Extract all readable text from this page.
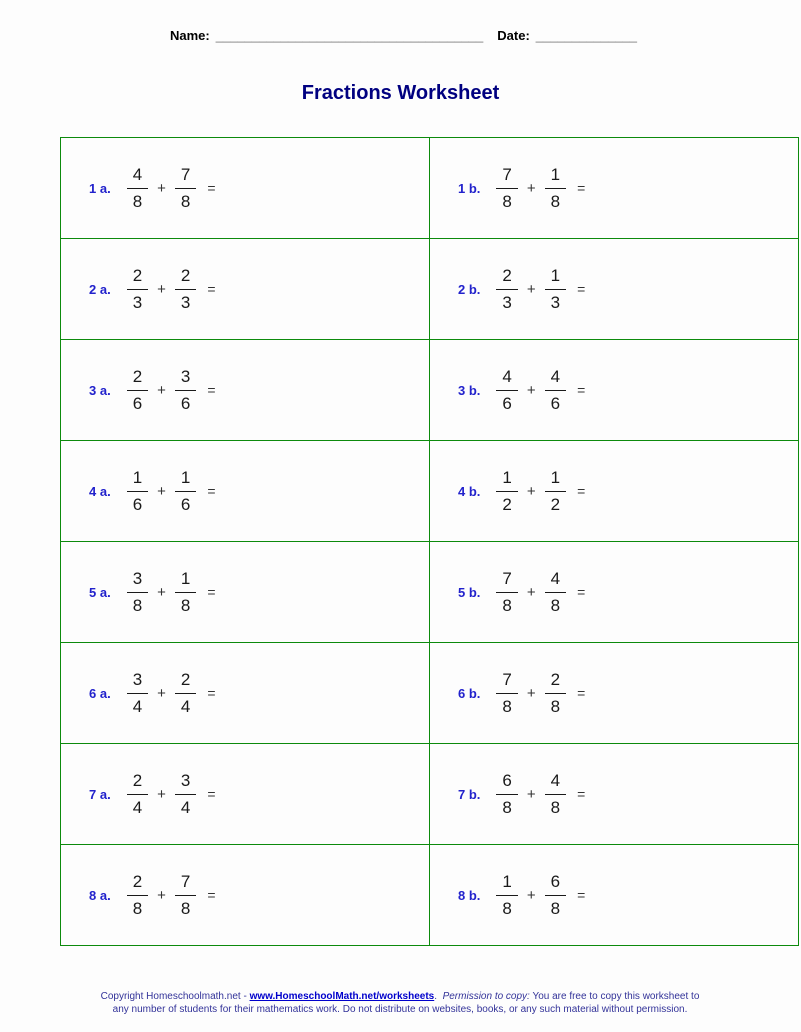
Name: _____________________________________ Date: ______________
Fractions Worksheet
1 a. $\frac{4}{8} + \frac{7}{8}$ =	1 b. $\frac{7}{8} + \frac{1}{8}$ =

2 a. $\frac{2}{3} + \frac{2}{3}$ =	2 b. $\frac{2}{3} + \frac{1}{3}$ =

3 a. $\frac{2}{6} + \frac{3}{6}$ =	3 b. $\frac{4}{6} + \frac{4}{6}$ =

4 a. $\frac{1}{6} + \frac{1}{6}$ =	4 b. $\frac{1}{2} + \frac{1}{2}$ =

5 a. $\frac{3}{8} + \frac{1}{8}$ =	5 b. $\frac{7}{8} + \frac{4}{8}$ =

6 a. $\frac{3}{4} + \frac{2}{4}$ =	6 b. $\frac{7}{8} + \frac{2}{8}$ =

7 a. $\frac{2}{4} + \frac{3}{4}$ =	7 b. $\frac{6}{8} + \frac{4}{8}$ =

8 a. $\frac{2}{8} + \frac{7}{8}$ =	8 b. $\frac{1}{8} + \frac{6}{8}$ =
Copyright Homeschoolmath.net - www.HomeschoolMath.net/worksheets.  Permission to copy: You are free to copy this worksheet to any number of students for their mathematics work. Do not distribute on websites, books, or any such material without permission.
